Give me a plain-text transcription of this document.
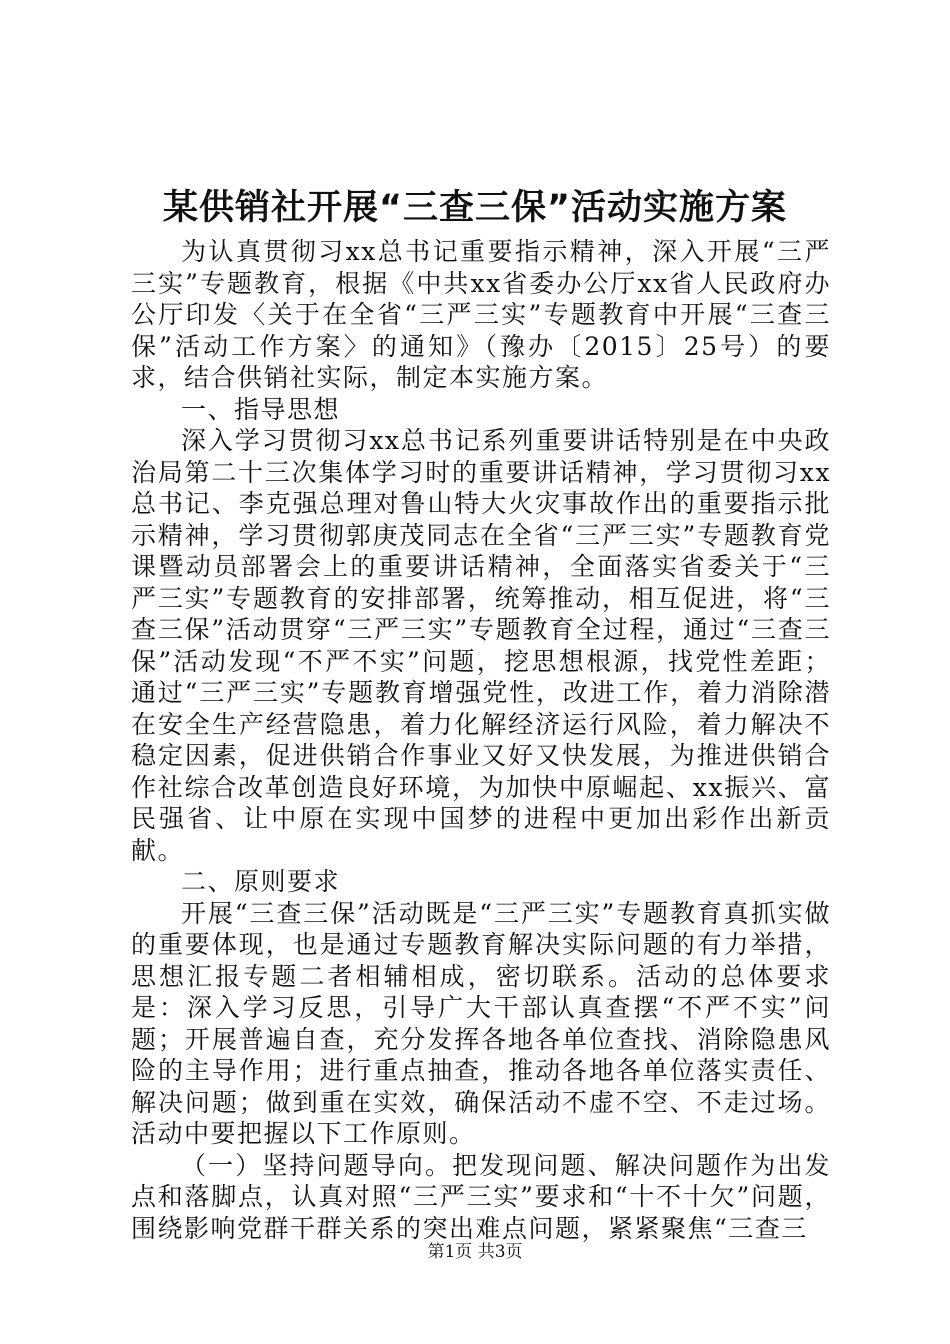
某供销社开展“三查三保”活动实施方案

为认真贯彻习xx总书记重要指示精神，深入开展“三严三实”专题教育，根据《中共xx省委办公厅xx省人民政府办公厅印发〈关于在全省“三严三实”专题教育中开展“三查三保”活动工作方案〉的通知》（豫办〔2015〕25号）的要求，结合供销社实际，制定本实施方案。

一、指导思想

深入学习贯彻习xx总书记系列重要讲话特别是在中央政治局第二十三次集体学习时的重要讲话精神，学习贯彻习xx总书记、李克强总理对鲁山特大火灾事故作出的重要指示批示精神，学习贯彻郭庚茂同志在全省“三严三实”专题教育党课暨动员部署会上的重要讲话精神，全面落实省委关于“三严三实”专题教育的安排部署，统筹推动，相互促进，将“三查三保”活动贯穿“三严三实”专题教育全过程，通过“三查三保”活动发现“不严不实”问题，挖思想根源，找党性差距；通过“三严三实”专题教育增强党性，改进工作，着力消除潜在安全生产经营隐患，着力化解经济运行风险，着力解决不稳定因素，促进供销合作事业又好又快发展，为推进供销合作社综合改革创造良好环境，为加快中原崛起、xx振兴、富民强省、让中原在实现中国梦的进程中更加出彩作出新贡献。

二、原则要求

开展“三查三保”活动既是“三严三实”专题教育真抓实做的重要体现，也是通过专题教育解决实际问题的有力举措，思想汇报专题二者相辅相成，密切联系。活动的总体要求是：深入学习反思，引导广大干部认真查摆“不严不实”问题；开展普遍自查，充分发挥各地各单位查找、消除隐患风险的主导作用；进行重点抽查，推动各地各单位落实责任、解决问题；做到重在实效，确保活动不虚不空、不走过场。活动中要把握以下工作原则。

（一）坚持问题导向。把发现问题、解决问题作为出发点和落脚点，认真对照“三严三实”要求和“十不十欠”问题，围绕影响党群干群关系的突出难点问题，紧紧聚焦“三查三

第1页 共3页
